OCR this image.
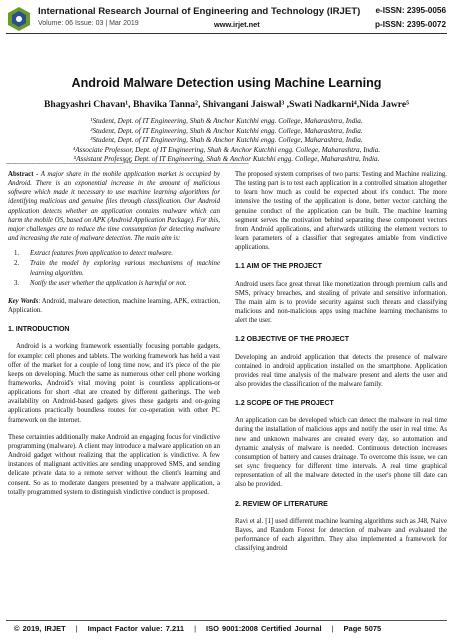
International Research Journal of Engineering and Technology (IRJET) e-ISSN: 2395-0056
Volume: 06 Issue: 03 | Mar 2019	www.irjet.net	p-ISSN: 2395-0072
Android Malware Detection using Machine Learning
Bhagyashri Chavan¹, Bhavika Tanna², Shivangani Jaiswal³ ,Swati Nadkarni⁴,Nida Jawre⁵
¹Student, Dept. of IT Engineering, Shah & Anchor Kutchhi engg. College, Maharashtra, India.
²Student, Dept. of IT Engineering, Shah & Anchor Kutchhi engg. College, Maharashtra, India.
³Student, Dept. of IT Engineering, Shah & Anchor Kutchhi engg. College, Maharashtra, India.
⁴Associate Professor, Dept. of IT Engineering, Shah & Anchor Kutchhi engg. College, Maharashtra, India.
⁵Assistant Professor, Dept. of IT Engineering, Shah & Anchor Kutchhi engg. College, Maharashtra, India.
---------------------------------------------------------------------***---------------------------------------------------------------------

Abstract - A major share in the mobile application market is occupied by Android. There is an exponential increase in the amount of malicious software which made it necessary to use machine learning algorithms for identifying malicious and genuine files through classification. Our Android application detects whether an application contains malware which can harm the mobile OS, based on APK (Android Application Package). For this, major challenges are to reduce the time consumption for detecting malware and increasing the rate of malware detection. The main aim is:

1.	Extract features from application to detect malware.
2.	Train the model by exploring various mechanisms of machine learning algorithm.
3.	Notify the user whether the application is harmful or not.

Key Words: Android, malware detection, machine learning, APK, extraction, Application.

1. INTRODUCTION

Android is a working framework essentially focusing portable gadgets, for example: cell phones and tablets. The working framework has held a vast offer of the market for a couple of long time now, and it's piece of the pie keeps on developing. Much the same as numerous other cell phone working frameworks, Android's vital moving point is countless applications-or applications for short -that are created by different gatherings. The web availability on Android-based gadgets gives these gadgets and on-going applications practically boundless routes for co-operation with other PC framework on the internet.

These certainties additionally make Android an engaging focus for vindictive programming (malware). A client may introduce a malware application on an Android gadget without realizing that the application is vindictive. A few instances of malignant activities are sending unapproved SMS, and sending delicate private data to a remote server without the client's learning and consent. So as to moderate dangers presented by a malware application, a totally programmed system to distinguish vindictive conduct is proposed.

The proposed system comprises of two parts: Testing and Machine realizing. The testing part is to test each application in a controlled situation altogether to learn how much as could be expected about it's conduct. The more intensive the testing of the application is done, better vector catching the genuine conduct of the application can be built. The machine learning segment serves the motivation behind separating these component vectors from Android applications, and afterwards utilizing the element vectors to learn parameters of a classifier that segregates amiable from vindictive applications.

1.1 AIM OF THE PROJECT

Android users face great threat like monetization through premium calls and SMS, privacy breaches, and stealing of private and sensitive information. The main aim is to provide security against such threats and classifying malicious and non-malicious apps using machine learning mechanisms to alert the user.

1.2 OBJECTIVE OF THE PROJECT

Developing an android application that detects the presence of malware contained in android application installed on the smartphone. Application provides real time analysis of the malware present and alerts the user and also provides the classification of the malware family.

1.2 SCOPE OF THE PROJECT

An application can be developed which can detect the malware in real time during the installation of malicious apps and notify the user in real time. As new and unknown malwares are created every day, so automation and dynamic analysis of malware is needed. Continuous detection increases consumption of battery and causes drainage. To overcome this issue, we can set sync frequency for different time intervals. A real time graphical representation of all the malware detected in the user's phone till date can also be provided.

2. REVIEW OF LITERATURE

Ravi et al. [1] used different machine learning algorithms such as J48, Naive Bayes, and Random Forest for detection of malware and evaluated the performance of each algorithm. They also implemented a framework for classifying android

© 2019, IRJET | Impact Factor value: 7.211 | ISO 9001:2008 Certified Journal | Page 5075
